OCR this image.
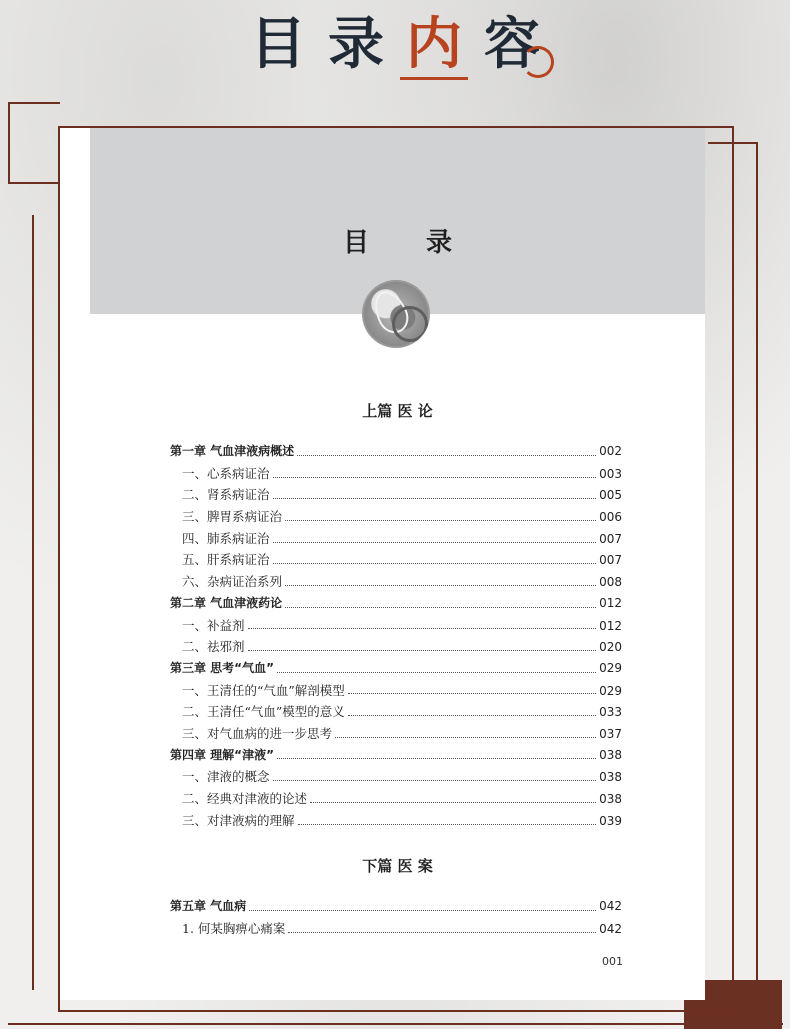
目 录 内 容
目 录
上篇 医 论
第一章 气血津液病概述	002
一、心系病证治	003
二、肾系病证治	005
三、脾胃系病证治	006
四、肺系病证治	007
五、肝系病证治	007
六、杂病证治系列	008
第二章 气血津液药论	012
一、补益剂	012
二、祛邪剂	020
第三章 思考“气血”	029
一、王清任的“气血”解剖模型	029
二、王清任“气血”模型的意义	033
三、对气血病的进一步思考	037
第四章 理解“津液”	038
一、津液的概念	038
二、经典对津液的论述	038
三、对津液病的理解	039
下篇 医 案
第五章 气血病	042
1. 何某胸痹心痛案	042
001
